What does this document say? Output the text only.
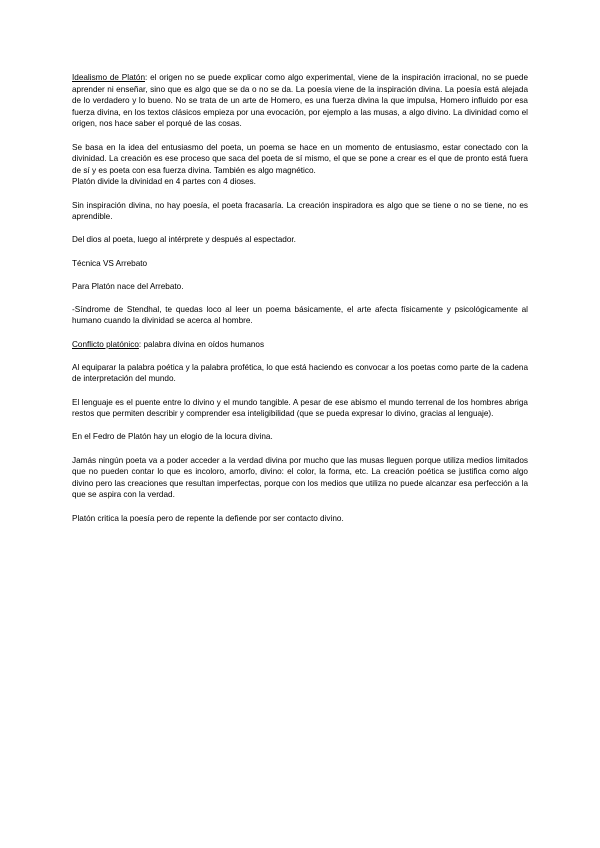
Idealismo de Platón: el origen no se puede explicar como algo experimental, viene de la inspiración irracional, no se puede aprender ni enseñar, sino que es algo que se da o no se da. La poesía viene de la inspiración divina. La poesía está alejada de lo verdadero y lo bueno. No se trata de un arte de Homero, es una fuerza divina la que impulsa, Homero influido por esa fuerza divina, en los textos clásicos empieza por una evocación, por ejemplo a las musas, a algo divino. La divinidad como el origen, nos hace saber el porqué de las cosas.

Se basa en la idea del entusiasmo del poeta, un poema se hace en un momento de entusiasmo, estar conectado con la divinidad. La creación es ese proceso que saca del poeta de sí mismo, el que se pone a crear es el que de pronto está fuera de sí y es poeta con esa fuerza divina. También es algo magnético.
Platón divide la divinidad en 4 partes con 4 dioses.

Sin inspiración divina, no hay poesía, el poeta fracasaría. La creación inspiradora es algo que se tiene o no se tiene, no es aprendible.

Del dios al poeta, luego al intérprete y después al espectador.

Técnica VS Arrebato

Para Platón nace del Arrebato.

-Síndrome de Stendhal, te quedas loco al leer un poema básicamente, el arte afecta físicamente y psicológicamente al humano cuando la divinidad se acerca al hombre.

Conflicto platónico: palabra divina en oídos humanos

Al equiparar la palabra poética y la palabra profética, lo que está haciendo es convocar a los poetas como parte de la cadena de interpretación del mundo.

El lenguaje es el puente entre lo divino y el mundo tangible. A pesar de ese abismo el mundo terrenal de los hombres abriga restos que permiten describir y comprender esa inteligibilidad (que se pueda expresar lo divino, gracias al lenguaje).

En el Fedro de Platón hay un elogio de la locura divina.

Jamás ningún poeta va a poder acceder a la verdad divina por mucho que las musas lleguen porque utiliza medios limitados que no pueden contar lo que es incoloro, amorfo, divino: el color, la forma, etc. La creación poética se justifica como algo divino pero las creaciones que resultan imperfectas, porque con los medios que utiliza no puede alcanzar esa perfección a la que se aspira con la verdad.

Platón critica la poesía pero de repente la defiende por ser contacto divino.
